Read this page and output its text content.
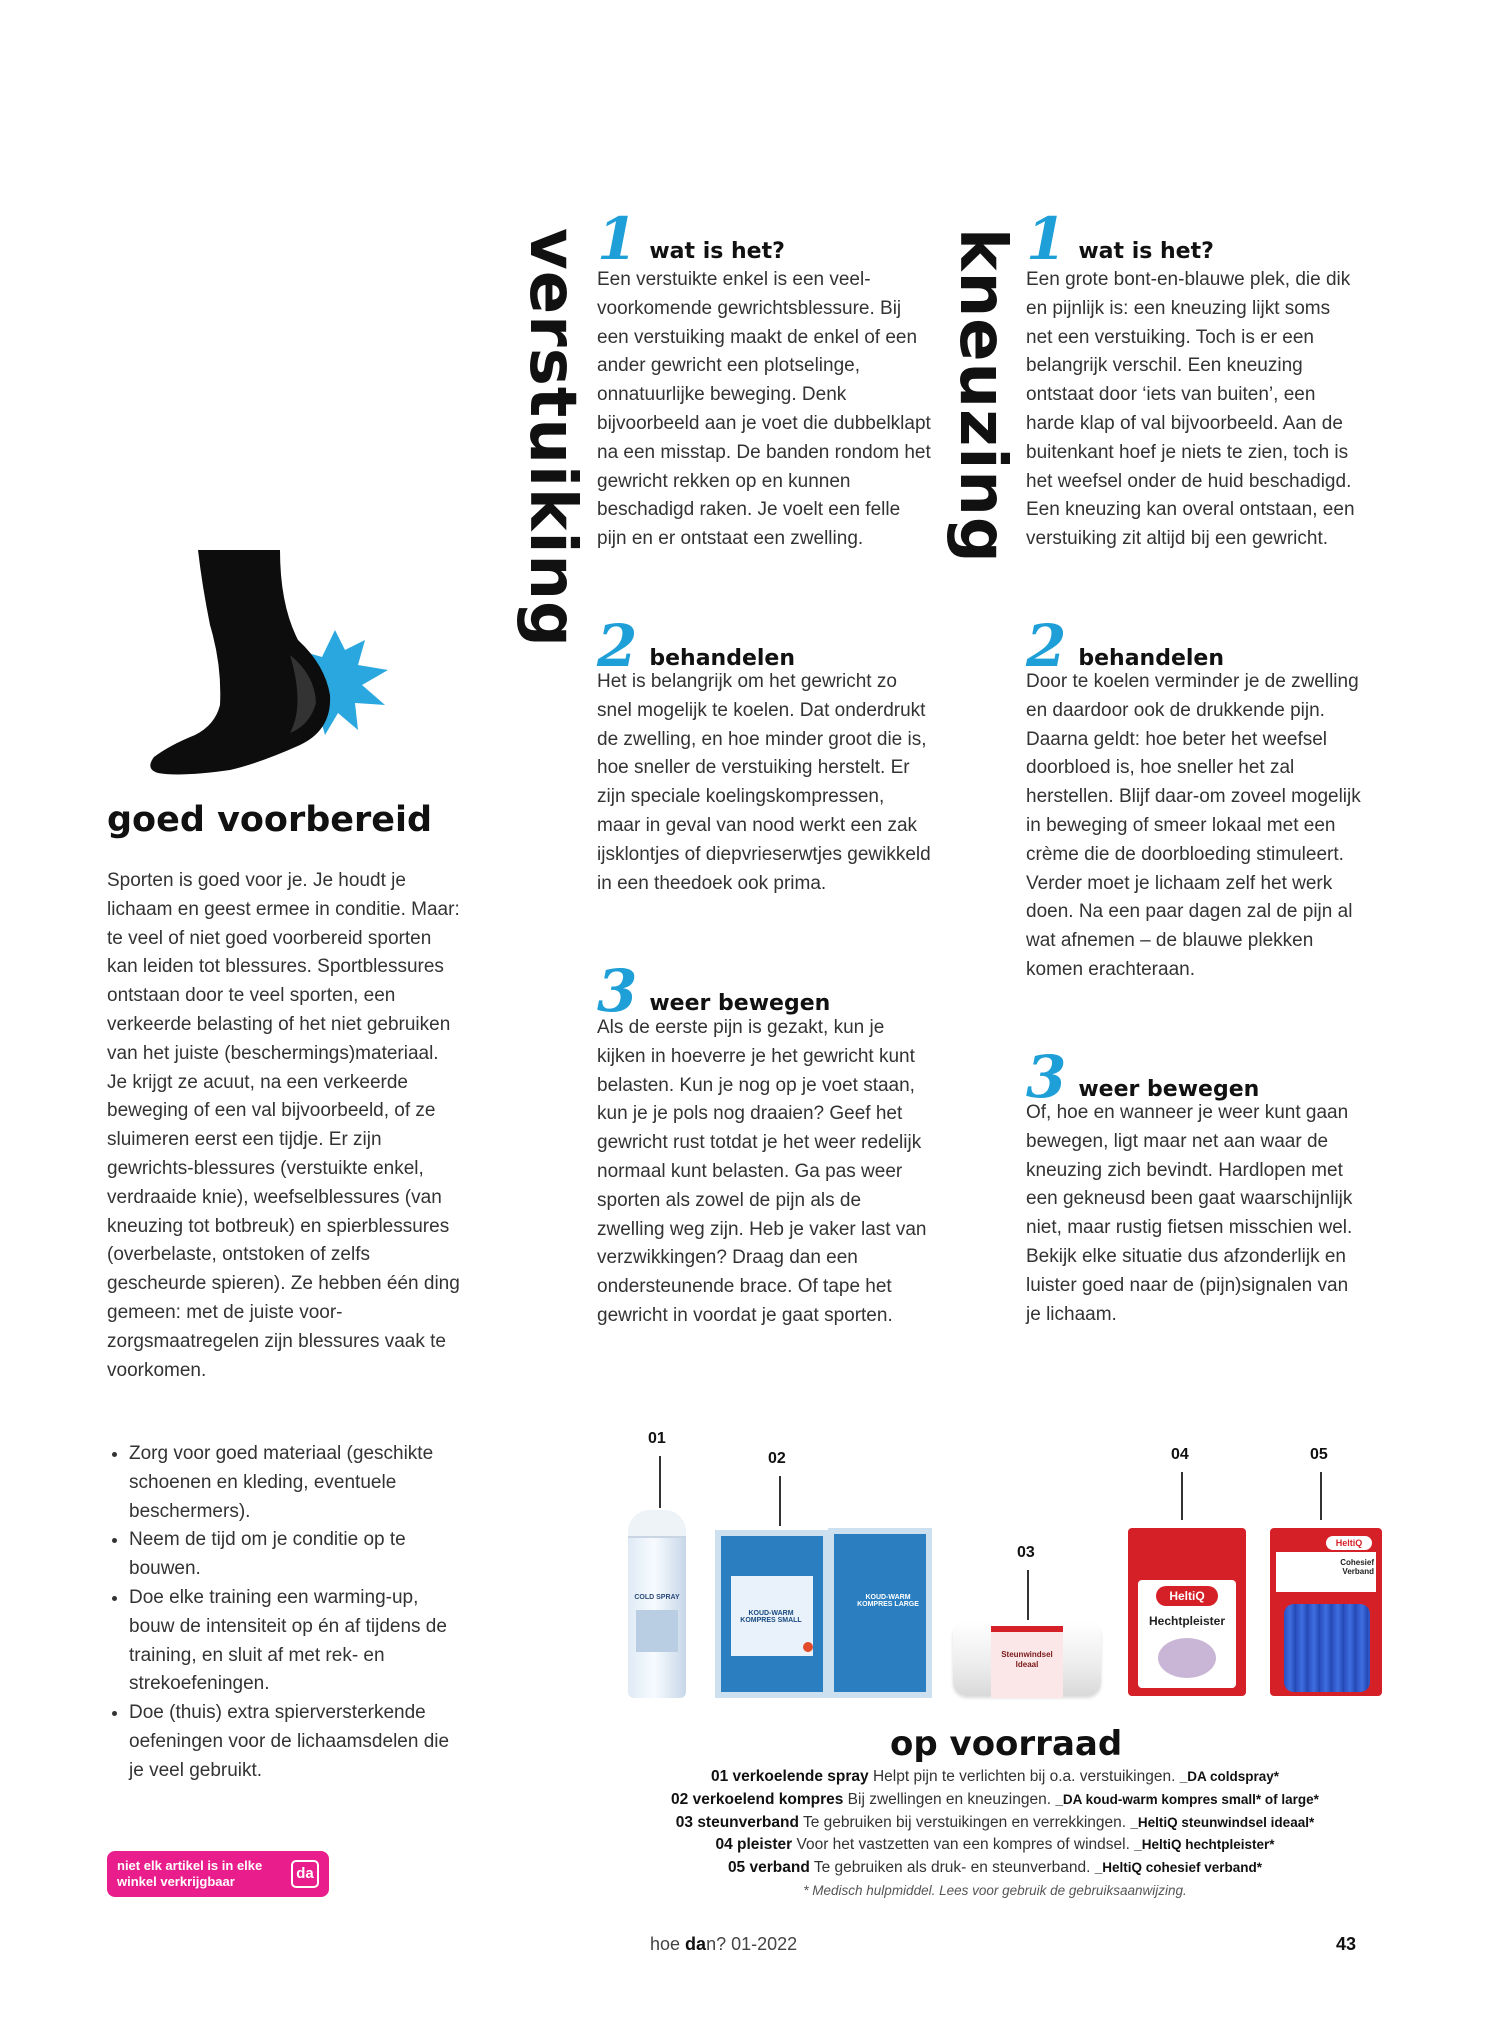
goed voorbereid
Sporten is goed voor je. Je houdt je lichaam en geest ermee in conditie. Maar: te veel of niet goed voorbereid sporten kan leiden tot blessures. Sportblessures ontstaan door te veel sporten, een verkeerde belasting of het niet gebruiken van het juiste (beschermings)materiaal. Je krijgt ze acuut, na een verkeerde beweging of een val bijvoorbeeld, of ze sluimeren eerst een tijdje. Er zijn gewrichts-blessures (verstuikte enkel, verdraaide knie), weefselblessures (van kneuzing tot botbreuk) en spierblessures (overbelaste, ontstoken of zelfs gescheurde spieren). Ze hebben één ding gemeen: met de juiste voor-zorgsmaatregelen zijn blessures vaak te voorkomen.
• Zorg voor goed materiaal (geschikte schoenen en kleding, eventuele beschermers).
• Neem de tijd om je conditie op te bouwen.
• Doe elke training een warming-up, bouw de intensiteit op én af tijdens de training, en sluit af met rek- en strekoefeningen.
• Doe (thuis) extra spierversterkende oefeningen voor de lichaamsdelen die je veel gebruikt.
niet elk artikel is in elke
winkel verkrijgbaar	da
verstuiking 1 wat is het?
Een verstuikte enkel is een veel-voorkomende gewrichtsblessure. Bij een verstuiking maakt de enkel of een ander gewricht een plotselinge, onnatuurlijke beweging. Denk bijvoorbeeld aan je voet die dubbelklapt na een misstap. De banden rondom het gewricht rekken op en kunnen beschadigd raken. Je voelt een felle pijn en er ontstaat een zwelling.
2 behandelen
Het is belangrijk om het gewricht zo snel mogelijk te koelen. Dat onderdrukt de zwelling, en hoe minder groot die is, hoe sneller de verstuiking herstelt. Er zijn speciale koelingskompressen, maar in geval van nood werkt een zak ijsklontjes of diepvrieserwtjes gewikkeld in een theedoek ook prima.
3 weer bewegen
Als de eerste pijn is gezakt, kun je kijken in hoeverre je het gewricht kunt belasten. Kun je nog op je voet staan, kun je je pols nog draaien? Geef het gewricht rust totdat je het weer redelijk normaal kunt belasten. Ga pas weer sporten als zowel de pijn als de zwelling weg zijn. Heb je vaker last van verzwikkingen? Draag dan een ondersteunende brace. Of tape het gewricht in voordat je gaat sporten.
kneuzing 1 wat is het?
Een grote bont-en-blauwe plek, die dik en pijnlijk is: een kneuzing lijkt soms net een verstuiking. Toch is er een belangrijk verschil. Een kneuzing ontstaat door ‘iets van buiten’, een harde klap of val bijvoorbeeld. Aan de buitenkant hoef je niets te zien, toch is het weefsel onder de huid beschadigd. Een kneuzing kan overal ontstaan, een verstuiking zit altijd bij een gewricht.
2 behandelen
Door te koelen verminder je de zwelling en daardoor ook de drukkende pijn. Daarna geldt: hoe beter het weefsel doorbloed is, hoe sneller het zal herstellen. Blijf daar-om zoveel mogelijk in beweging of smeer lokaal met een crème die de doorbloeding stimuleert. Verder moet je lichaam zelf het werk doen. Na een paar dagen zal de pijn al wat afnemen – de blauwe plekken komen erachteraan.
3 weer bewegen
Of, hoe en wanneer je weer kunt gaan bewegen, ligt maar net aan waar de kneuzing zich bevindt. Hardlopen met een gekneusd been gaat waarschijnlijk niet, maar rustig fietsen misschien wel. Bekijk elke situatie dus afzonderlijk en luister goed naar de (pijn)signalen van je lichaam.
01
02
03
04	05
COLD SPRAY	KOUD-WARM KOMPRES LARGE
KOUD-WARM KOMPRES SMALL
Steunwindsel Ideaal
HeltiQ
Hechtpleister
HeltiQ
Cohesief Verband
op voorraad
01 verkoelende spray Helpt pijn te verlichten bij o.a. verstuikingen. _DA coldspray*
02 verkoelend kompres Bij zwellingen en kneuzingen. _DA koud-warm kompres small* of large*
03 steunverband Te gebruiken bij verstuikingen en verrekkingen. _HeltiQ steunwindsel ideaal*
04 pleister Voor het vastzetten van een kompres of windsel. _HeltiQ hechtpleister*
05 verband Te gebruiken als druk- en steunverband. _HeltiQ cohesief verband*
* Medisch hulpmiddel. Lees voor gebruik de gebruiksaanwijzing.
hoe dan? 01-2022	43
